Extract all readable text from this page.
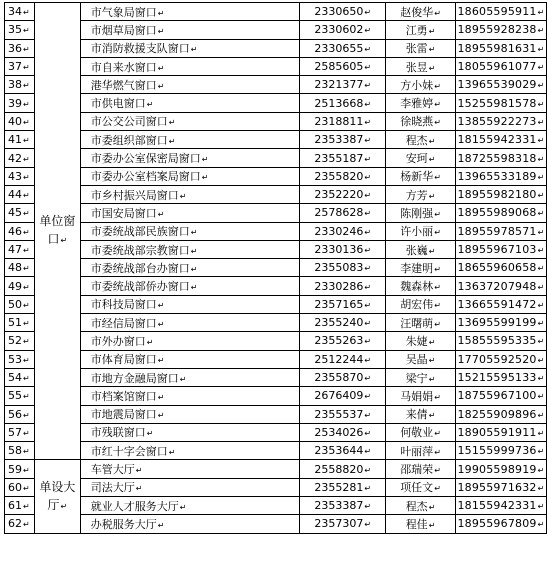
34↵	单位窗口↵	市气象局窗口↵	2330650↵	赵俊华↵	18605595911↵
35↵		市烟草局窗口↵	2330602↵	江勇↵	18955928238↵
36↵		市消防救援支队窗口↵	2330655↵	张雷↵	18955981631↵
37↵		市自来水窗口↵	2585605↵	张昱↵	18055961077↵
38↵		港华燃气窗口↵	2321377↵	方小妹↵	13965539029↵
39↵		市供电窗口↵	2513668↵	李雅婷↵	15255981578↵
40↵		市公交公司窗口↵	2318811↵	徐晓燕↵	13855922273↵
41↵		市委组织部窗口↵	2353387↵	程杰↵	18155942331↵
42↵		市委办公室保密局窗口↵	2355187↵	安珂↵	18725598318↵
43↵		市委办公室档案局窗口↵	2355820↵	杨新华↵	13965533189↵
44↵		市乡村振兴局窗口↵	2352220↵	方芳↵	18955982180↵
45↵		市国安局窗口↵	2578628↵	陈刚强↵	18955989068↵
46↵		市委统战部民族窗口↵	2330246↵	许小丽↵	18955978571↵
47↵		市委统战部宗教窗口↵	2330136↵	张巍↵	18955967103↵
48↵		市委统战部台办窗口↵	2355083↵	李建明↵	18655960658↵
49↵		市委统战部侨办窗口↵	2330286↵	魏森林↵	13637207948↵
50↵		市科技局窗口↵	2357165↵	胡宏伟↵	13665591472↵
51↵		市经信局窗口↵	2355240↵	汪曙萌↵	13695599199↵
52↵		市外办窗口↵	2355263↵	朱婕↵	15855595335↵
53↵		市体育局窗口↵	2512244↵	吴晶↵	17705592520↵
54↵		市地方金融局窗口↵	2355870↵	梁宁↵	15215595133↵
55↵		市档案馆窗口↵	2676409↵	马娟娟↵	18755967100↵
56↵		市地震局窗口↵	2355537↵	来倩↵	18255909896↵
57↵		市残联窗口↵	2534026↵	何敬业↵	18905591911↵
58↵		市红十字会窗口↵	2353644↵	叶丽萍↵	15155999736↵
59↵	单设大厅↵	车管大厅↵	2558820↵	邵瑞荣↵	19905598919↵
60↵		司法大厅↵	2355281↵	项任文↵	18955971632↵
61↵		就业人才服务大厅↵	2353387↵	程杰↵	18155942331↵
62↵		办税服务大厅↵	2357307↵	程佳↵	18955967809↵
